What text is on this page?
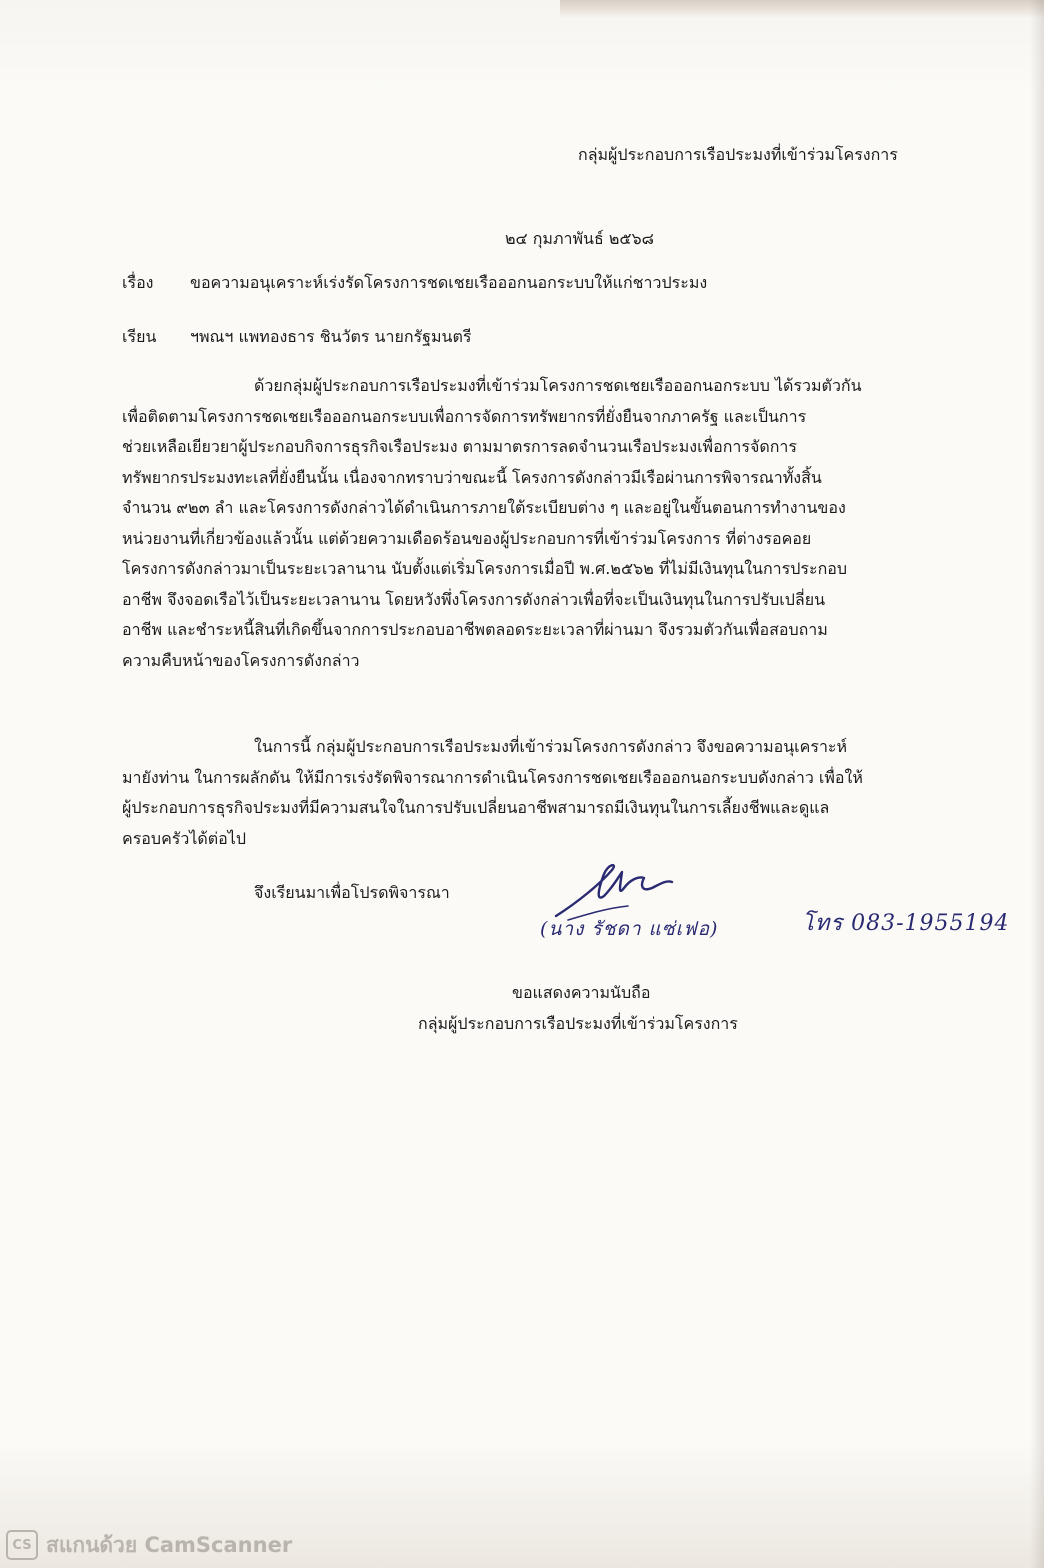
กลุ่มผู้ประกอบการเรือประมงที่เข้าร่วมโครงการ

๒๔ กุมภาพันธ์ ๒๕๖๘

เรื่อง ขอความอนุเคราะห์เร่งรัดโครงการชดเชยเรือออกนอกระบบให้แก่ชาวประมง

เรียน ฯพณฯ แพทองธาร ชินวัตร นายกรัฐมนตรี

ด้วยกลุ่มผู้ประกอบการเรือประมงที่เข้าร่วมโครงการชดเชยเรือออกนอกระบบ ได้รวมตัวกัน
เพื่อติดตามโครงการชดเชยเรือออกนอกระบบเพื่อการจัดการทรัพยากรที่ยั่งยืนจากภาครัฐ และเป็นการ
ช่วยเหลือเยียวยาผู้ประกอบกิจการธุรกิจเรือประมง ตามมาตรการลดจำนวนเรือประมงเพื่อการจัดการ
ทรัพยากรประมงทะเลที่ยั่งยืนนั้น เนื่องจากทราบว่าขณะนี้ โครงการดังกล่าวมีเรือผ่านการพิจารณาทั้งสิ้น
จำนวน ๙๒๓ ลำ และโครงการดังกล่าวได้ดำเนินการภายใต้ระเบียบต่าง ๆ และอยู่ในขั้นตอนการทำงานของ
หน่วยงานที่เกี่ยวข้องแล้วนั้น แต่ด้วยความเดือดร้อนของผู้ประกอบการที่เข้าร่วมโครงการ ที่ต่างรอคอย
โครงการดังกล่าวมาเป็นระยะเวลานาน นับตั้งแต่เริ่มโครงการเมื่อปี พ.ศ.๒๕๖๒ ที่ไม่มีเงินทุนในการประกอบ
อาชีพ จึงจอดเรือไว้เป็นระยะเวลานาน โดยหวังพึ่งโครงการดังกล่าวเพื่อที่จะเป็นเงินทุนในการปรับเปลี่ยน
อาชีพ และชำระหนี้สินที่เกิดขึ้นจากการประกอบอาชีพตลอดระยะเวลาที่ผ่านมา จึงรวมตัวกันเพื่อสอบถาม
ความคืบหน้าของโครงการดังกล่าว
ในการนี้ กลุ่มผู้ประกอบการเรือประมงที่เข้าร่วมโครงการดังกล่าว จึงขอความอนุเคราะห์
มายังท่าน ในการผลักดัน ให้มีการเร่งรัดพิจารณาการดำเนินโครงการชดเชยเรือออกนอกระบบดังกล่าว เพื่อให้
ผู้ประกอบการธุรกิจประมงที่มีความสนใจในการปรับเปลี่ยนอาชีพสามารถมีเงินทุนในการเลี้ยงชีพและดูแล
ครอบครัวได้ต่อไป

จึงเรียนมาเพื่อโปรดพิจารณา

(นาง รัชดา แซ่เฟอ)	โทร 083-1955194

ขอแสดงความนับถือ

กลุ่มผู้ประกอบการเรือประมงที่เข้าร่วมโครงการ

CS สแกนด้วย CamScanner
